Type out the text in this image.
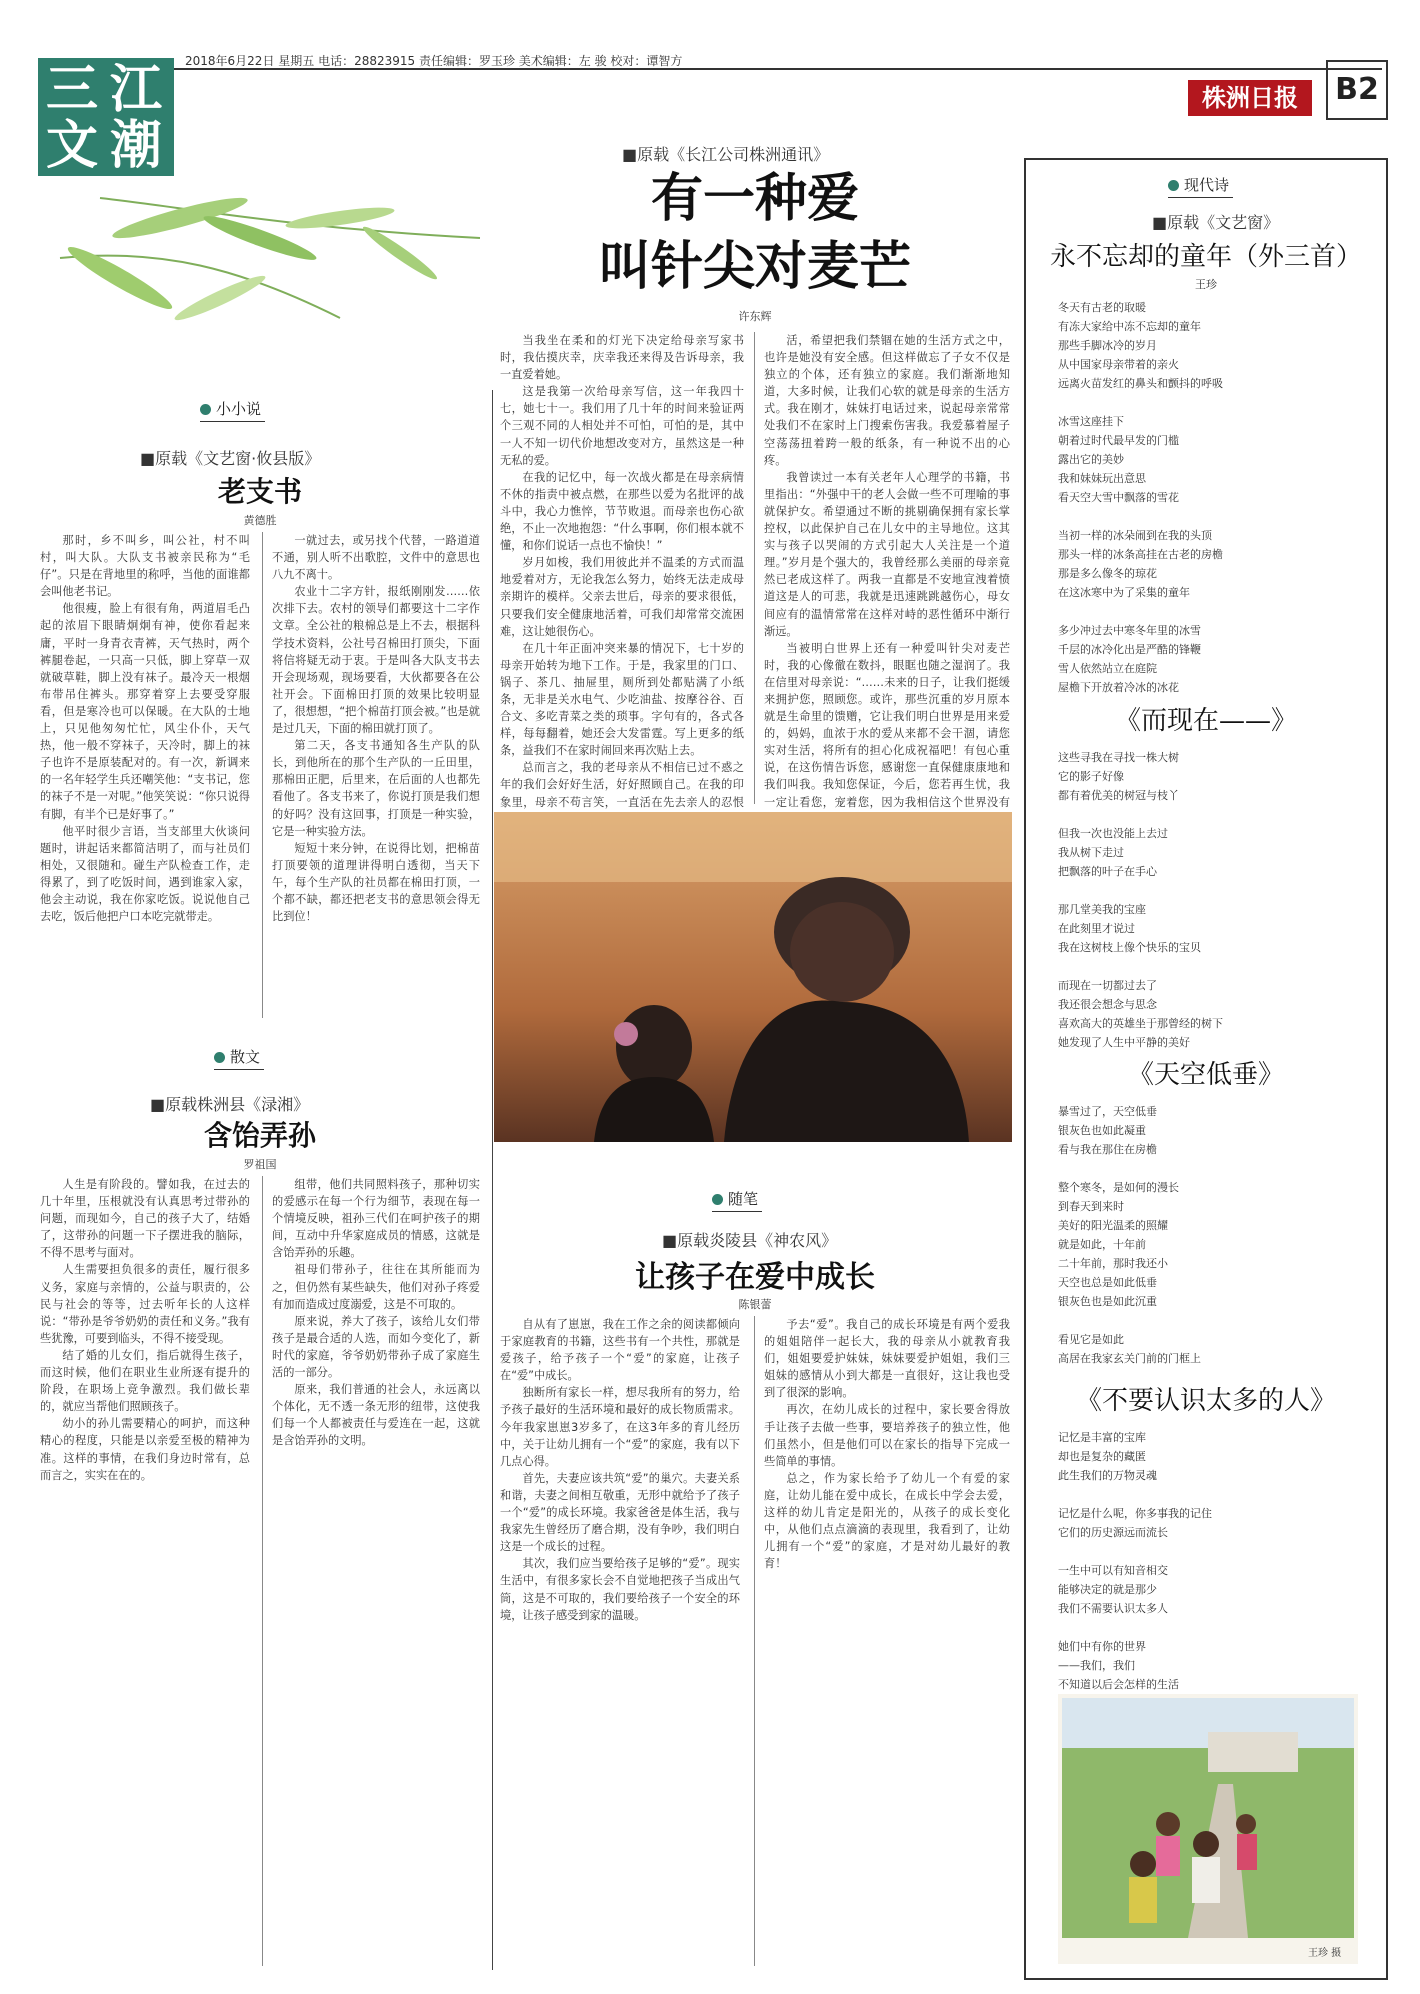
2018年6月22日 星期五 电话：28823915 责任编辑：罗玉珍 美术编辑：左 骏 校对：谭智方
三 江
文 潮
株洲日报	B2
小小说
■原载《文艺窗·攸县版》
老支书
黄德胜

那时，乡不叫乡，叫公社，村不叫村，叫大队。大队支书被亲民称为“毛仔”。只是在背地里的称呼，当他的面谁都会叫他老书记。

他很瘦，脸上有很有角，两道眉毛凸起的浓眉下眼睛炯炯有神，使你看起来庸，平时一身青衣青裤，天气热时，两个裤腿卷起，一只高一只低，脚上穿草一双就破草鞋，脚上没有袜子。最冷天一根烟布带吊住裤头。那穿着穿上去要受穿服看，但是寒冷也可以保暖。在大队的士地上，只见他匆匆忙忙，风尘仆仆，天气热，他一般不穿袜子，天冷时，脚上的袜子也许不是原装配对的。有一次，新调来的一名年轻学生兵还嘲笑他：“支书记，您的袜子不是一对呢。”他笑笑说：“你只说得有脚，有半个已是好事了。”

他平时很少言语，当支部里大伙谈问题时，讲起话来都简洁明了，而与社员们相处，又很随和。碰生产队检查工作，走得累了，到了吃饭时间，遇到谁家入家，他会主动说，我在你家吃饭。说说他自己去吃，饭后他把户口本吃完就带走。

一就过去，或另找个代替，一路道道不通，别人听不出歌腔，文件中的意思也八九不离十。

农业十二字方针，报纸刚刚发……依次排下去。农村的领导们都要这十二字作文章。全公社的粮棉总是上不去，根据科学技术资料，公社号召棉田打顶尖，下面将信将疑无动于衷。于是叫各大队支书去开会现场观，现场要看，大伙都要各在公社开会。下面棉田打顶的效果比较明显了，很想想，“把个棉苗打顶会被。”也是就是过几天，下面的棉田就打顶了。

第二天，各支书通知各生产队的队长，到他所在的那个生产队的一丘田里，那棉田正肥，后里来，在后面的人也都先看他了。各支书来了，你说打顶是我们想的好吗？没有这回事，打顶是一种实验，它是一种实验方法。

短短十来分钟，在说得比划，把棉苗打顶要领的道理讲得明白透彻，当天下午，每个生产队的社员都在棉田打顶，一个都不缺，都还把老支书的意思领会得无比到位！

散文
■原载株洲县《渌湘》
含饴弄孙
罗祖国

人生是有阶段的。譬如我，在过去的几十年里，压根就没有认真思考过带孙的问题，而现如今，自己的孩子大了，结婚了，这带孙的问题一下子摆进我的脑际，不得不思考与面对。

人生需要担负很多的责任，履行很多义务，家庭与亲情的，公益与职责的，公民与社会的等等，过去听年长的人这样说：“带孙是爷爷奶奶的责任和义务。”我有些犹豫，可要到临头，不得不接受现。

结了婚的儿女们，指后就得生孩子，而这时候，他们在职业生业所逐有提升的阶段，在职场上竞争激烈。我们做长辈的，就应当帮他们照顾孩子。

幼小的孙儿需要精心的呵护，而这种精心的程度，只能是以亲爱至极的精神为准。这样的事情，在我们身边时常有，总而言之，实实在在的。

组带，他们共同照料孩子，那种切实的爱感示在每一个行为细节，表现在每一个情境反映，祖孙三代们在呵护孩子的期间，互动中升华家庭成员的情感，这就是含饴弄孙的乐趣。

祖母们带孙子，往往在其所能而为之，但仍然有某些缺失，他们对孙子疼爱有加而造成过度溺爱，这是不可取的。

原来说，养大了孩子，该给儿女们带孩子是最合适的人选，而如今变化了，新时代的家庭，爷爷奶奶带孙子成了家庭生活的一部分。

原来，我们普通的社会人，永远离以个体化，无不透一条无形的纽带，这使我们每一个人都被责任与爱连在一起，这就是含饴弄孙的文明。

■原载《长江公司株洲通讯》
有一种爱
叫针尖对麦芒
许东辉

当我坐在柔和的灯光下决定给母亲写家书时，我估摸庆幸，庆幸我还来得及告诉母亲，我一直爱着她。

这是我第一次给母亲写信，这一年我四十七，她七十一。我们用了几十年的时间来验证两个三观不同的人相处并不可怕，可怕的是，其中一人不知一切代价地想改变对方，虽然这是一种无私的爱。

在我的记忆中，每一次战火都是在母亲病情不休的指责中被点燃，在那些以爱为名批评的战斗中，我心力憔悴，节节败退。而母亲也伤心欲绝，不止一次地抱怨：“什么事啊，你们根本就不懂，和你们说话一点也不愉快！”

岁月如梭，我们用彼此并不温柔的方式而温地爱着对方，无论我怎么努力，始终无法走成母亲期许的模样。父亲去世后，母亲的要求很低，只要我们安全健康地活着，可我们却常常交流困难，这让她很伤心。

在几十年正面冲突来暴的情况下，七十岁的母亲开始转为地下工作。于是，我家里的门口、锅子、茶几、抽屉里，厕所到处都贴满了小纸条，无非是关水电气、少吃油盐、按摩谷谷、百合文、多吃青菜之类的琐事。字句有的，各式各样，每每翻着，她还会大发雷霆。写上更多的纸条，益我们不在家时闹回来再次贴上去。

总而言之，我的老母亲从不相信已过不惑之年的我们会好好生活，好好照顾自己。在我的印象里，母亲不苟言笑，一直活在先去亲人的忍恨

活，希望把我们禁锢在她的生活方式之中，也许是她没有安全感。但这样做忘了子女不仅是独立的个体，还有独立的家庭。我们渐渐地知道，大多时候，让我们心软的就是母亲的生活方式。我在刚才，妹妹打电话过来，说起母亲常常处我们不在家时上门搜索伤害我。我爱慕着屋子空荡荡扭着跨一般的纸条，有一种说不出的心疼。

我曾读过一本有关老年人心理学的书籍，书里指出：“外强中干的老人会做一些不可理喻的事就保护女。希望通过不断的挑剔确保拥有家长掌控权，以此保护自己在儿女中的主导地位。这其实与孩子以哭闹的方式引起大人关注是一个道理。”岁月是个强大的，我曾经那么美丽的母亲竟然已老成这样了。两我一直都是不安地宣洩着愤道这是人的可悲，我就是迅速跳跳越伤心，母女间应有的温情常常在这样对峙的恶性循环中渐行渐远。

当被明白世界上还有一种爱叫针尖对麦芒时，我的心像徹在数抖，眼眶也随之湿润了。我在信里对母亲说：“……未来的日子，让我们挺缓来拥护您，照顾您。或许，那些沉重的岁月原本就是生命里的馈赠，它让我们明白世界是用来爱的，妈妈，血浓于水的爱从来都不会干涸，请您实对生活，将所有的担心化成祝福吧！有包心重说，在这伤情告诉您，感谢您一直保健康康地和我们叫我。我知您保证，今后，您若再生忧，我一定让看您，宠着您，因为我相信这个世界没有

随笔
■原载炎陵县《神农风》
让孩子在爱中成长
陈银蕾

自从有了崽崽，我在工作之余的阅读都倾向于家庭教育的书籍，这些书有一个共性，那就是爱孩子，给予孩子一个“爱”的家庭，让孩子在“爱”中成长。

独断所有家长一样，想尽我所有的努力，给予孩子最好的生活环境和最好的成长物质需求。今年我家崽崽3岁多了，在这3年多的育儿经历中，关于让幼儿拥有一个“爱”的家庭，我有以下几点心得。

首先，夫妻应该共筑“爱”的巢穴。夫妻关系和谐，夫妻之间相互敬重，无形中就给予了孩子一个“爱”的成长环境。我家爸爸是体生活，我与我家先生曾经历了磨合期，没有争吵，我们明白这是一个成长的过程。

其次，我们应当要给孩子足够的“爱”。现实生活中，有很多家长会不自觉地把孩子当成出气筒，这是不可取的，我们要给孩子一个安全的环境，让孩子感受到家的温暖。

予去“爱”。我自己的成长环境是有两个爱我的姐姐陪伴一起长大，我的母亲从小就教育我们，姐姐要爱护妹妹，妹妹要爱护姐姐，我们三姐妹的感情从小到大都是一直很好，这让我也受到了很深的影响。

再次，在幼儿成长的过程中，家长要舍得放手让孩子去做一些事，要培养孩子的独立性，他们虽然小，但是他们可以在家长的指导下完成一些简单的事情。

总之，作为家长给予了幼儿一个有爱的家庭，让幼儿能在爱中成长，在成长中学会去爱，这样的幼儿肯定是阳光的，从孩子的成长变化中，从他们点点滴滴的表现里，我看到了，让幼儿拥有一个“爱”的家庭，才是对幼儿最好的教育！

现代诗
■原载《文艺窗》
永不忘却的童年（外三首）
王珍
冬天有古老的取暖
有冻大家给中冻不忘却的童年
那些手脚冰冷的岁月
从中国家母亲带着的亲火
远离火苗发红的鼻头和颤抖的呼吸
冰雪这座挂下
朝着过时代最早发的门槛
露出它的美妙
我和妹妹玩出意思
看天空大雪中飘落的雪花
当初一样的冰朵闹到在我的头顶
那头一样的冰条高挂在古老的房檐
那是多么像冬的琼花
在这冰寒中为了采集的童年
多少冲过去中寒冬年里的冰雪
千层的冰冷化出是严酷的锋鞭
雪人依然站立在庭院
屋檐下开放着冷冰的冰花
《而现在——》
这些寻我在寻找一株大树
它的影子好像
都有着优美的树冠与枝丫
但我一次也没能上去过
我从树下走过
把飘落的叶子在手心
那几堂美我的宝座
在此刻里才说过
我在这树枝上像个快乐的宝贝
而现在一切都过去了
我还很会想念与思念
喜欢高大的英雄坐于那曾经的树下
她发现了人生中平静的美好
《天空低垂》
暴雪过了，天空低垂
银灰色也如此凝重
看与我在那住在房檐
整个寒冬，是如何的漫长
到春天到来时
美好的阳光温柔的照耀
就是如此，十年前
二十年前，那时我还小
天空也总是如此低垂
银灰色也是如此沉重
看见它是如此
高居在我家玄关门前的门框上
《不要认识太多的人》
记忆是丰富的宝库
却也是复杂的藏匿
此生我们的万物灵魂
记忆是什么呢，你多事我的记住
它们的历史源远而流长
一生中可以有知音相交
能够决定的就是那少
我们不需要认识太多人
她们中有你的世界
——我们，我们
不知道以后会怎样的生活
王珍 摄
